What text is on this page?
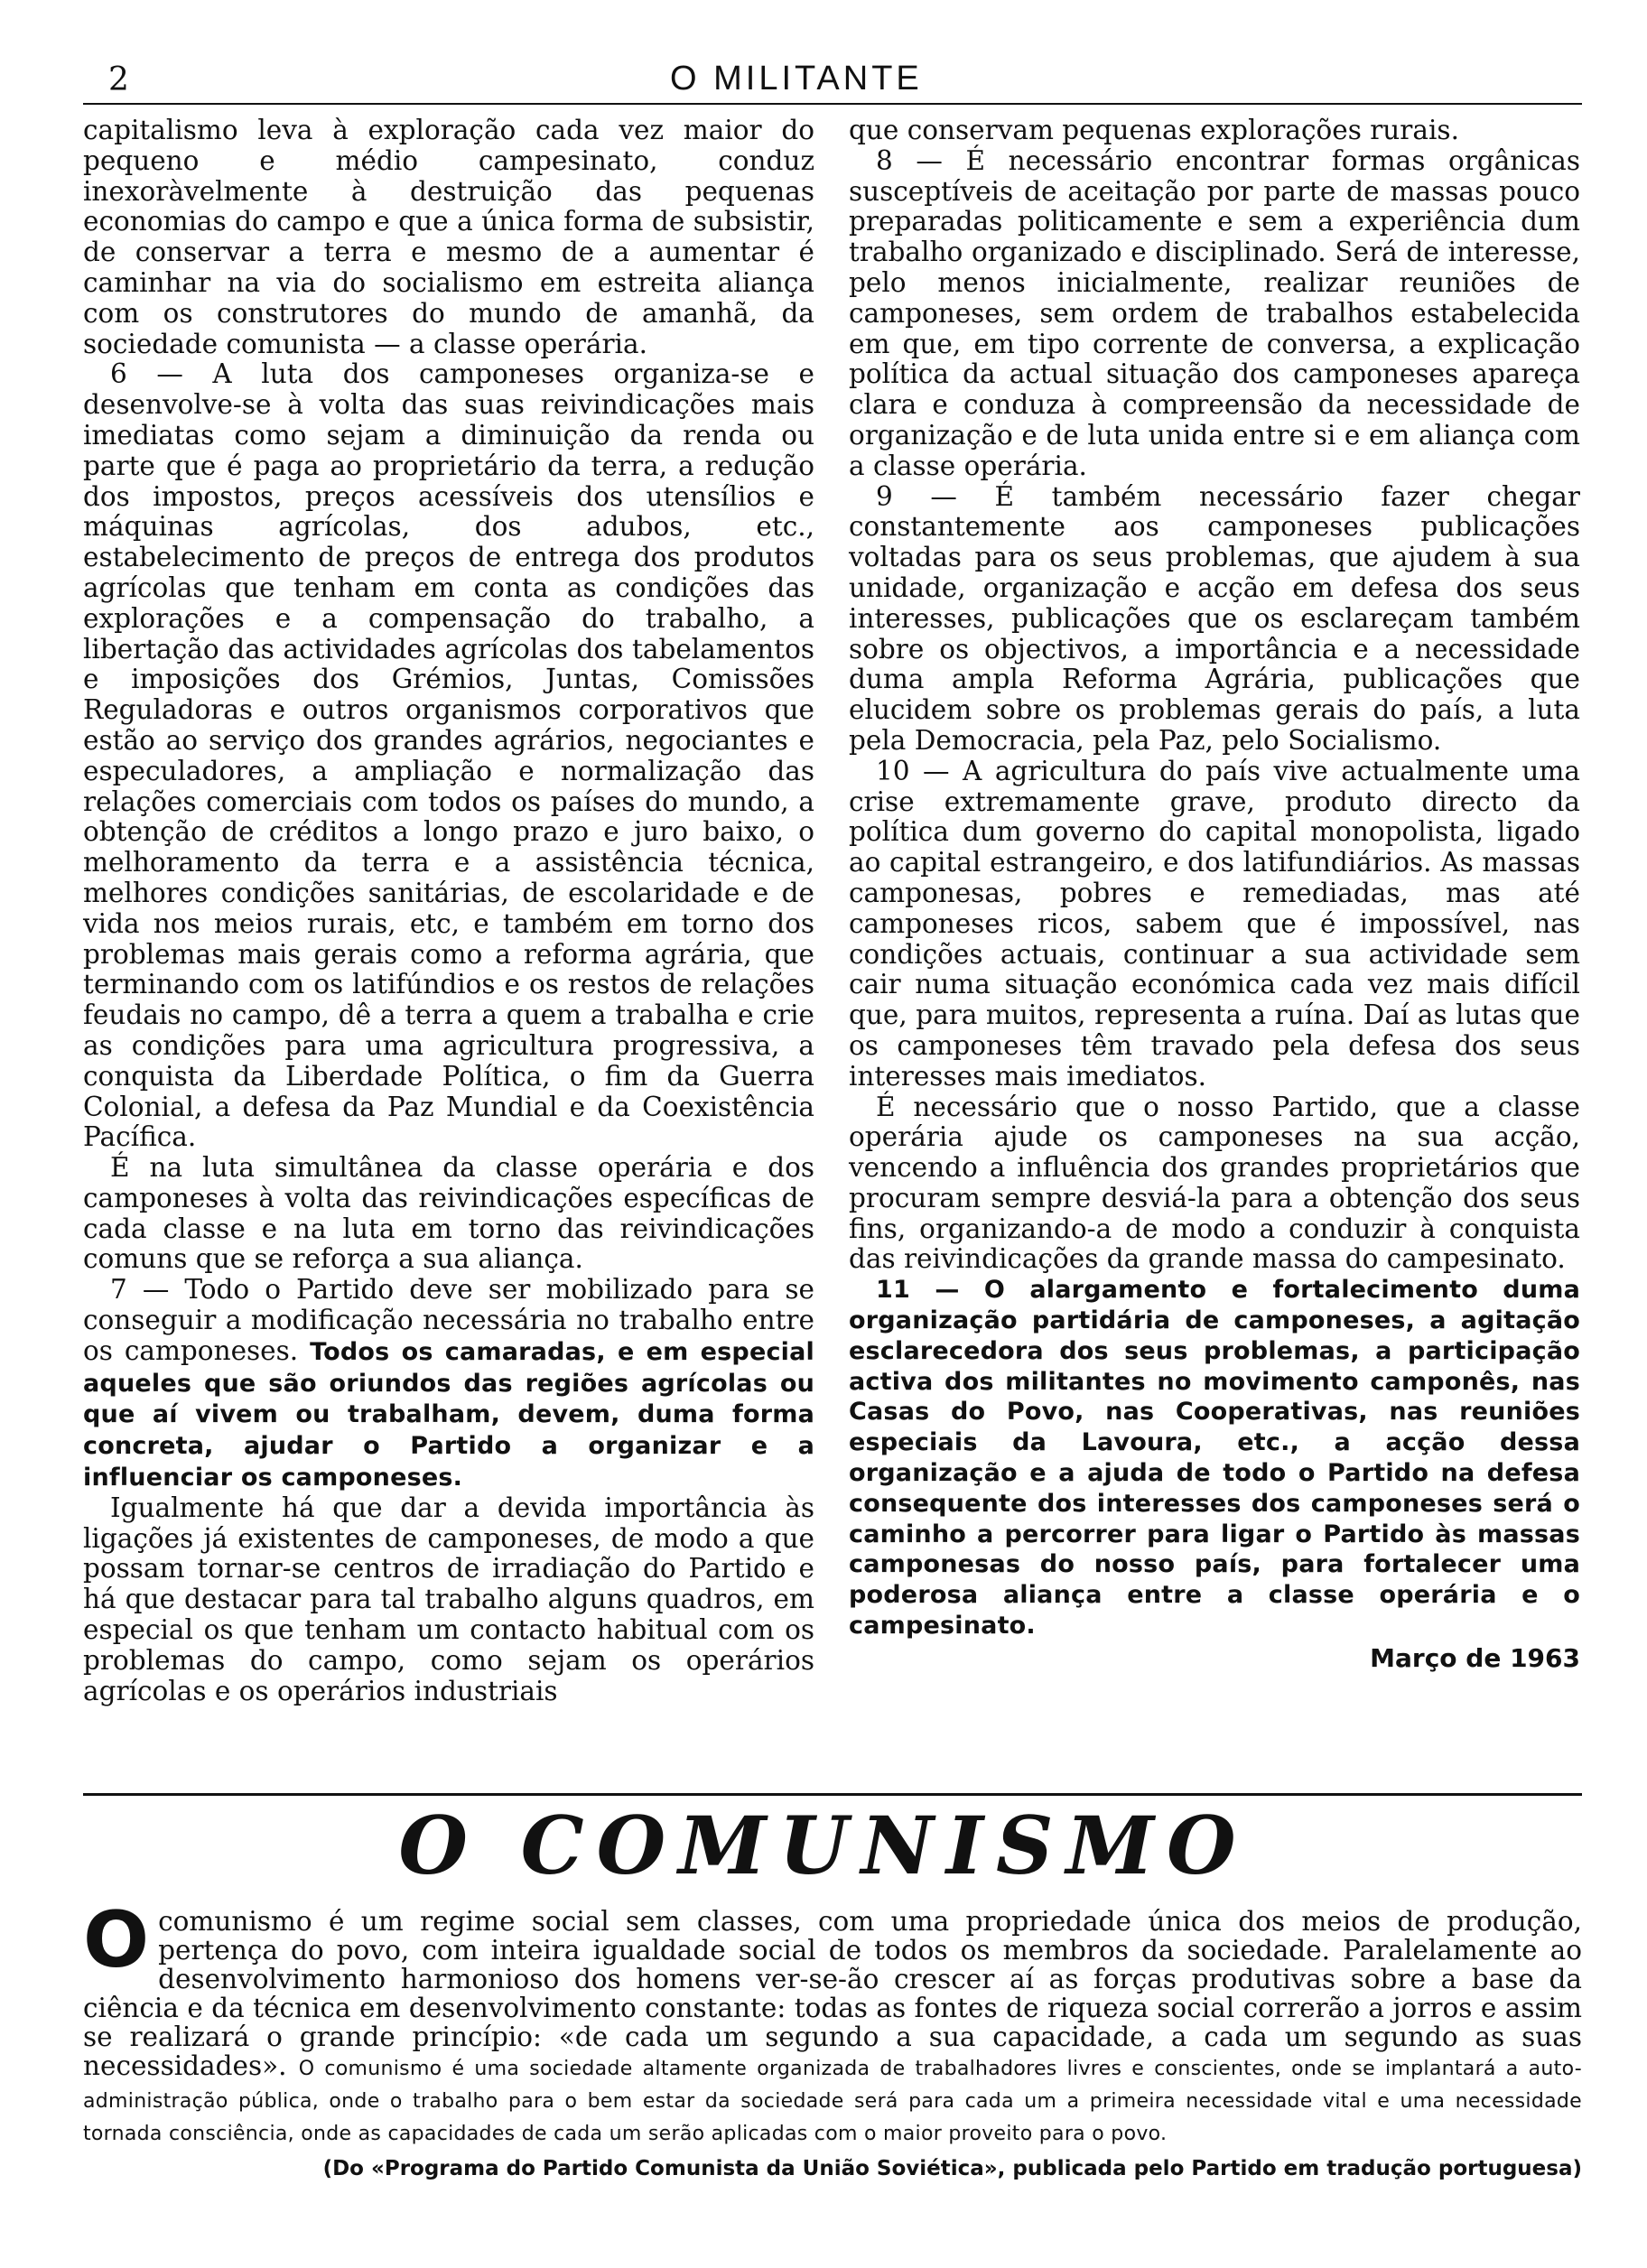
2	O MILITANTE

capitalismo leva à exploração cada vez maior do pequeno e médio campesinato, conduz inexoràvelmente à destruição das pequenas economias do campo e que a única forma de subsistir, de conservar a terra e mesmo de a aumentar é caminhar na via do socialismo em estreita aliança com os construtores do mundo de amanhã, da sociedade comunista — a classe operária.

6 — A luta dos camponeses organiza-se e desenvolve-se à volta das suas reivindicações mais imediatas como sejam a diminuição da renda ou parte que é paga ao proprietário da terra, a redução dos impostos, preços acessíveis dos utensílios e máquinas agrícolas, dos adubos, etc., estabelecimento de preços de entrega dos produtos agrícolas que tenham em conta as condições das explorações e a compensação do trabalho, a libertação das actividades agrícolas dos tabelamentos e imposições dos Grémios, Juntas, Comissões Reguladoras e outros organismos corporativos que estão ao serviço dos grandes agrários, negociantes e especuladores, a ampliação e normalização das relações comerciais com todos os países do mundo, a obtenção de créditos a longo prazo e juro baixo, o melhoramento da terra e a assistência técnica, melhores condições sanitárias, de escolaridade e de vida nos meios rurais, etc, e também em torno dos problemas mais gerais como a reforma agrária, que terminando com os latifúndios e os restos de relações feudais no campo, dê a terra a quem a trabalha e crie as condições para uma agricultura progressiva, a conquista da Liberdade Política, o fim da Guerra Colonial, a defesa da Paz Mundial e da Coexistência Pacífica.

É na luta simultânea da classe operária e dos camponeses à volta das reivindicações específicas de cada classe e na luta em torno das reivindicações comuns que se reforça a sua aliança.

7 — Todo o Partido deve ser mobilizado para se conseguir a modificação necessária no trabalho entre os camponeses. Todos os camaradas, e em especial aqueles que são oriundos das regiões agrícolas ou que aí vivem ou trabalham, devem, duma forma concreta, ajudar o Partido a organizar e a influenciar os camponeses.

Igualmente há que dar a devida importância às ligações já existentes de camponeses, de modo a que possam tornar-se centros de irradiação do Partido e há que destacar para tal trabalho alguns quadros, em especial os que tenham um contacto habitual com os problemas do campo, como sejam os operários agrícolas e os operários industriais

que conservam pequenas explorações rurais.

8 — É necessário encontrar formas orgânicas susceptíveis de aceitação por parte de massas pouco preparadas politicamente e sem a experiência dum trabalho organizado e disciplinado. Será de interesse, pelo menos inicialmente, realizar reuniões de camponeses, sem ordem de trabalhos estabelecida em que, em tipo corrente de conversa, a explicação política da actual situação dos camponeses apareça clara e conduza à compreensão da necessidade de organização e de luta unida entre si e em aliança com a classe operária.

9 — É também necessário fazer chegar constantemente aos camponeses publicações voltadas para os seus problemas, que ajudem à sua unidade, organização e acção em defesa dos seus interesses, publicações que os esclareçam também sobre os objectivos, a importância e a necessidade duma ampla Reforma Agrária, publicações que elucidem sobre os problemas gerais do país, a luta pela Democracia, pela Paz, pelo Socialismo.

10 — A agricultura do país vive actualmente uma crise extremamente grave, produto directo da política dum governo do capital monopolista, ligado ao capital estrangeiro, e dos latifundiários. As massas camponesas, pobres e remediadas, mas até camponeses ricos, sabem que é impossível, nas condições actuais, continuar a sua actividade sem cair numa situação económica cada vez mais difícil que, para muitos, representa a ruína. Daí as lutas que os camponeses têm travado pela defesa dos seus interesses mais imediatos.

É necessário que o nosso Partido, que a classe operária ajude os camponeses na sua acção, vencendo a influência dos grandes proprietários que procuram sempre desviá-la para a obtenção dos seus fins, organizando-a de modo a conduzir à conquista das reivindicações da grande massa do campesinato.

11 — O alargamento e fortalecimento duma organização partidária de camponeses, a agitação esclarecedora dos seus problemas, a participação activa dos militantes no movimento camponês, nas Casas do Povo, nas Cooperativas, nas reuniões especiais da Lavoura, etc., a acção dessa organização e a ajuda de todo o Partido na defesa consequente dos interesses dos camponeses será o caminho a percorrer para ligar o Partido às massas camponesas do nosso país, para fortalecer uma poderosa aliança entre a classe operária e o campesinato.

Março de 1963

O COMUNISMO

O comunismo é um regime social sem classes, com uma propriedade única dos meios de produção, pertença do povo, com inteira igualdade social de todos os membros da sociedade. Paralelamente ao desenvolvimento harmonioso dos homens ver-se-ão crescer aí as forças produtivas sobre a base da ciência e da técnica em desenvolvimento constante: todas as fontes de riqueza social correrão a jorros e assim se realizará o grande princípio: «de cada um segundo a sua capacidade, a cada um segundo as suas necessidades». O comunismo é uma sociedade altamente organizada de trabalhadores livres e conscientes, onde se implantará a auto-administração pública, onde o trabalho para o bem estar da sociedade será para cada um a primeira necessidade vital e uma necessidade tornada consciência, onde as capacidades de cada um serão aplicadas com o maior proveito para o povo.

(Do «Programa do Partido Comunista da União Soviética», publicada pelo Partido em tradução portuguesa)
